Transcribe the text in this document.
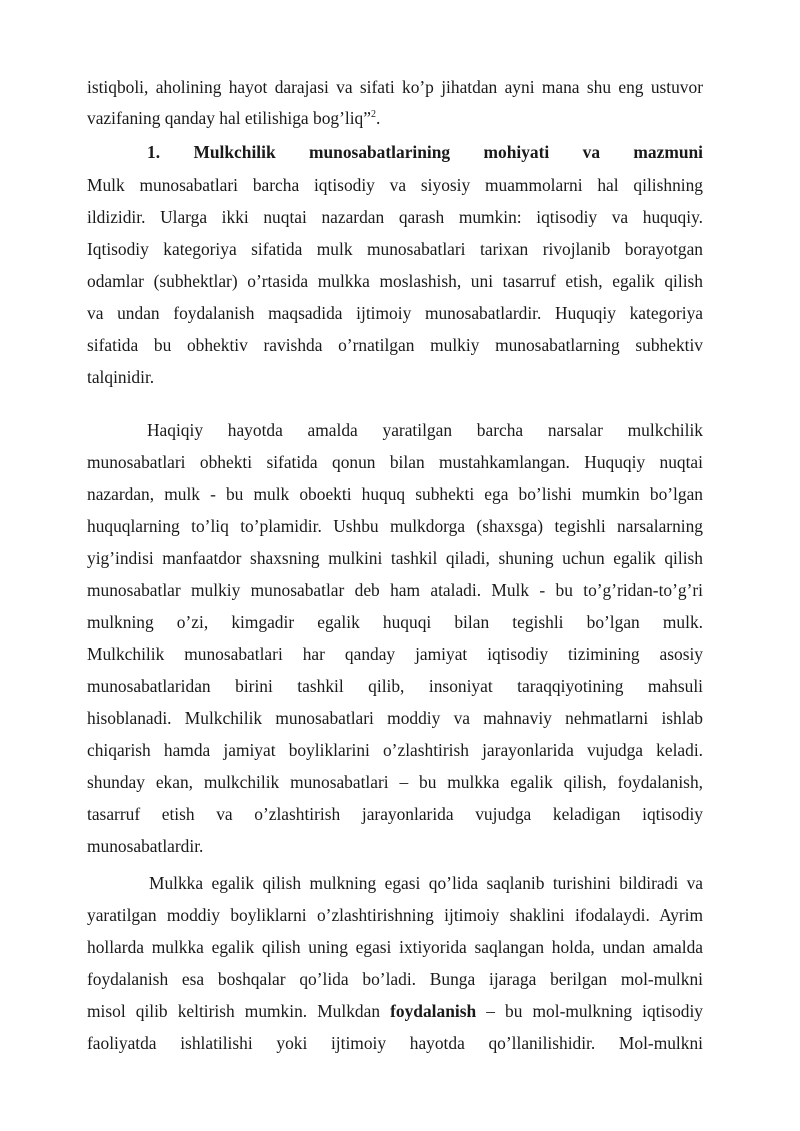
istiqboli, aholining hayot darajasi va sifati ko’p jihatdan ayni mana shu eng ustuvor
vazifaning qanday hal etilishiga bog’liq”$^2$.
1. Mulkchilik munosabatlarining mohiyati va mazmuni
Mulk munosabatlari barcha iqtisodiy va siyosiy muammolarni hal qilishning
ildizidir. Ularga ikki nuqtai nazardan qarash mumkin: iqtisodiy va huquqiy.
Iqtisodiy kategoriya sifatida mulk munosabatlari tarixan rivojlanib borayotgan
odamlar (subhektlar) o’rtasida mulkka moslashish, uni tasarruf etish, egalik qilish
va undan foydalanish maqsadida ijtimoiy munosabatlardir. Huquqiy kategoriya
sifatida bu obhektiv ravishda o’rnatilgan mulkiy munosabatlarning subhektiv
talqinidir.
Haqiqiy hayotda amalda yaratilgan barcha narsalar mulkchilik
munosabatlari obhekti sifatida qonun bilan mustahkamlangan. Huquqiy nuqtai
nazardan, mulk - bu mulk oboekti huquq subhekti ega bo’lishi mumkin bo’lgan
huquqlarning to’liq to’plamidir. Ushbu mulkdorga (shaxsga) tegishli narsalarning
yig’indisi manfaatdor shaxsning mulkini tashkil qiladi, shuning uchun egalik qilish
munosabatlar mulkiy munosabatlar deb ham ataladi. Mulk - bu to’g’ridan-to’g’ri
mulkning o’zi, kimgadir egalik huquqi bilan tegishli bo’lgan mulk.
Mulkchilik munosabatlari har qanday jamiyat iqtisodiy tizimining asosiy
munosabatlaridan birini tashkil qilib, insoniyat taraqqiyotining mahsuli
hisoblanadi. Mulkchilik munosabatlari moddiy va mahnaviy nehmatlarni ishlab
chiqarish hamda jamiyat boyliklarini o’zlashtirish jarayonlarida vujudga keladi.
shunday ekan, mulkchilik munosabatlari – bu mulkka egalik qilish, foydalanish,
tasarruf etish va o’zlashtirish jarayonlarida vujudga keladigan iqtisodiy
munosabatlardir.
Mulkka egalik qilish mulkning egasi qo’lida saqlanib turishini bildiradi va
yaratilgan moddiy boyliklarni o’zlashtirishning ijtimoiy shaklini ifodalaydi. Ayrim
hollarda mulkka egalik qilish uning egasi ixtiyorida saqlangan holda, undan amalda
foydalanish esa boshqalar qo’lida bo’ladi. Bunga ijaraga berilgan mol-mulkni
misol qilib keltirish mumkin. Mulkdan foydalanish – bu mol-mulkning iqtisodiy
faoliyatda ishlatilishi yoki ijtimoiy hayotda qo’llanilishidir. Mol-mulkni
